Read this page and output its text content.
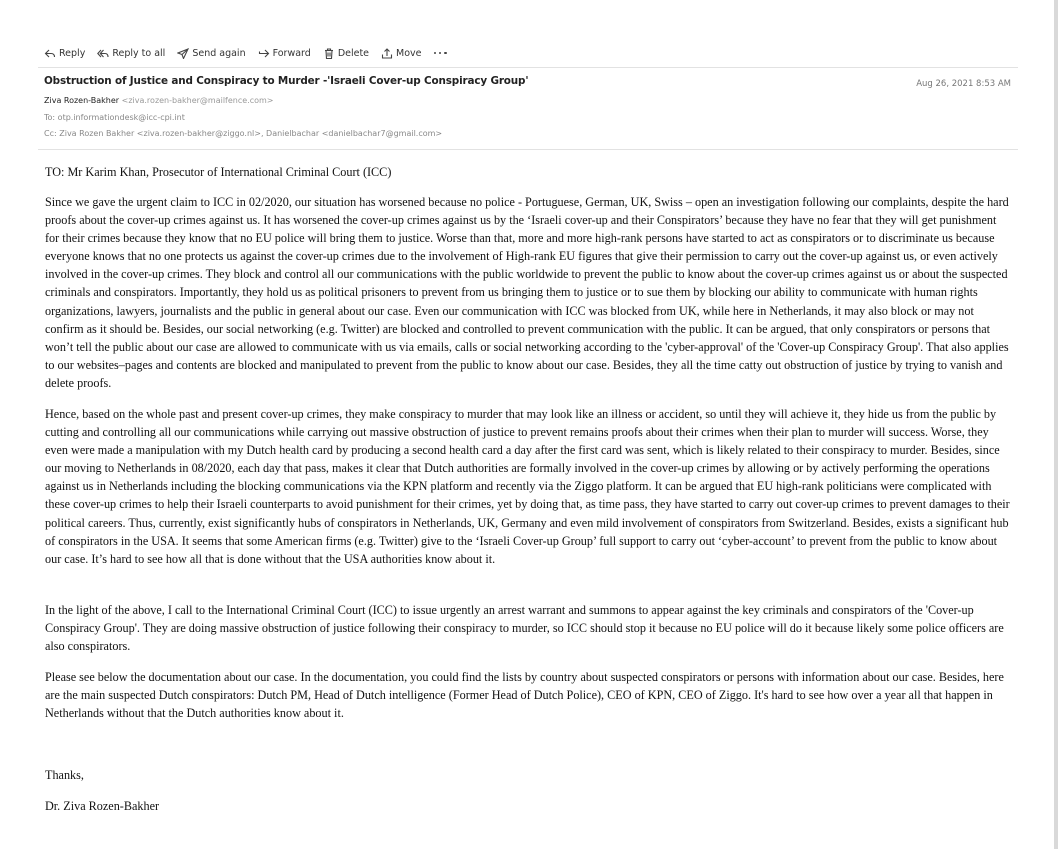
Reply	Reply to all	Send again	Forward	Delete	Move
Obstruction of Justice and Conspiracy to Murder -'Israeli Cover-up Conspiracy Group'	Aug 26, 2021 8:53 AM
Ziva Rozen-Bakher <ziva.rozen-bakher@mailfence.com>
To: otp.informationdesk@icc-cpi.int
Cc: Ziva Rozen Bakher <ziva.rozen-bakher@ziggo.nl>, Danielbachar <danielbachar7@gmail.com>

TO: Mr Karim Khan, Prosecutor of International Criminal Court (ICC)

Since we gave the urgent claim to ICC in 02/2020, our situation has worsened because no police - Portuguese, German, UK, Swiss – open an investigation following our complaints, despite the hard proofs about the cover-up crimes against us. It has worsened the cover-up crimes against us by the ‘Israeli cover-up and their Conspirators’ because they have no fear that they will get punishment for their crimes because they know that no EU police will bring them to justice. Worse than that, more and more high-rank persons have started to act as conspirators or to discriminate us because everyone knows that no one protects us against the cover-up crimes due to the involvement of High-rank EU figures that give their permission to carry out the cover-up against us, or even actively involved in the cover-up crimes. They block and control all our communications with the public worldwide to prevent the public to know about the cover-up crimes against us or about the suspected criminals and conspirators. Importantly, they hold us as political prisoners to prevent from us bringing them to justice or to sue them by blocking our ability to communicate with human rights organizations, lawyers, journalists and the public in general about our case. Even our communication with ICC was blocked from UK, while here in Netherlands, it may also block or may not confirm as it should be. Besides, our social networking (e.g. Twitter) are blocked and controlled to prevent communication with the public. It can be argued, that only conspirators or persons that won’t tell the public about our case are allowed to communicate with us via emails, calls or social networking according to the 'cyber-approval' of the 'Cover-up Conspiracy Group'. That also applies to our websites–pages and contents are blocked and manipulated to prevent from the public to know about our case. Besides, they all the time catty out obstruction of justice by trying to vanish and delete proofs.

Hence, based on the whole past and present cover-up crimes, they make conspiracy to murder that may look like an illness or accident, so until they will achieve it, they hide us from the public by cutting and controlling all our communications while carrying out massive obstruction of justice to prevent remains proofs about their crimes when their plan to murder will success. Worse, they even were made a manipulation with my Dutch health card by producing a second health card a day after the first card was sent, which is likely related to their conspiracy to murder. Besides, since our moving to Netherlands in 08/2020, each day that pass, makes it clear that Dutch authorities are formally involved in the cover-up crimes by allowing or by actively performing the operations against us in Netherlands including the blocking communications via the KPN platform and recently via the Ziggo platform. It can be argued that EU high-rank politicians were complicated with these cover-up crimes to help their Israeli counterparts to avoid punishment for their crimes, yet by doing that, as time pass, they have started to carry out cover-up crimes to prevent damages to their political careers. Thus, currently, exist significantly hubs of conspirators in Netherlands, UK, Germany and even mild involvement of conspirators from Switzerland. Besides, exists a significant hub of conspirators in the USA. It seems that some American firms (e.g. Twitter) give to the ‘Israeli Cover-up Group’ full support to carry out ‘cyber-account’ to prevent from the public to know about our case. It’s hard to see how all that is done without that the USA authorities know about it.

In the light of the above, I call to the International Criminal Court (ICC) to issue urgently an arrest warrant and summons to appear against the key criminals and conspirators of the 'Cover-up Conspiracy Group'. They are doing massive obstruction of justice following their conspiracy to murder, so ICC should stop it because no EU police will do it because likely some police officers are also conspirators.

Please see below the documentation about our case. In the documentation, you could find the lists by country about suspected conspirators or persons with information about our case. Besides, here are the main suspected Dutch conspirators: Dutch PM, Head of Dutch intelligence (Former Head of Dutch Police), CEO of KPN, CEO of Ziggo. It's hard to see how over a year all that happen in Netherlands without that the Dutch authorities know about it.

Thanks,

Dr. Ziva Rozen-Bakher
